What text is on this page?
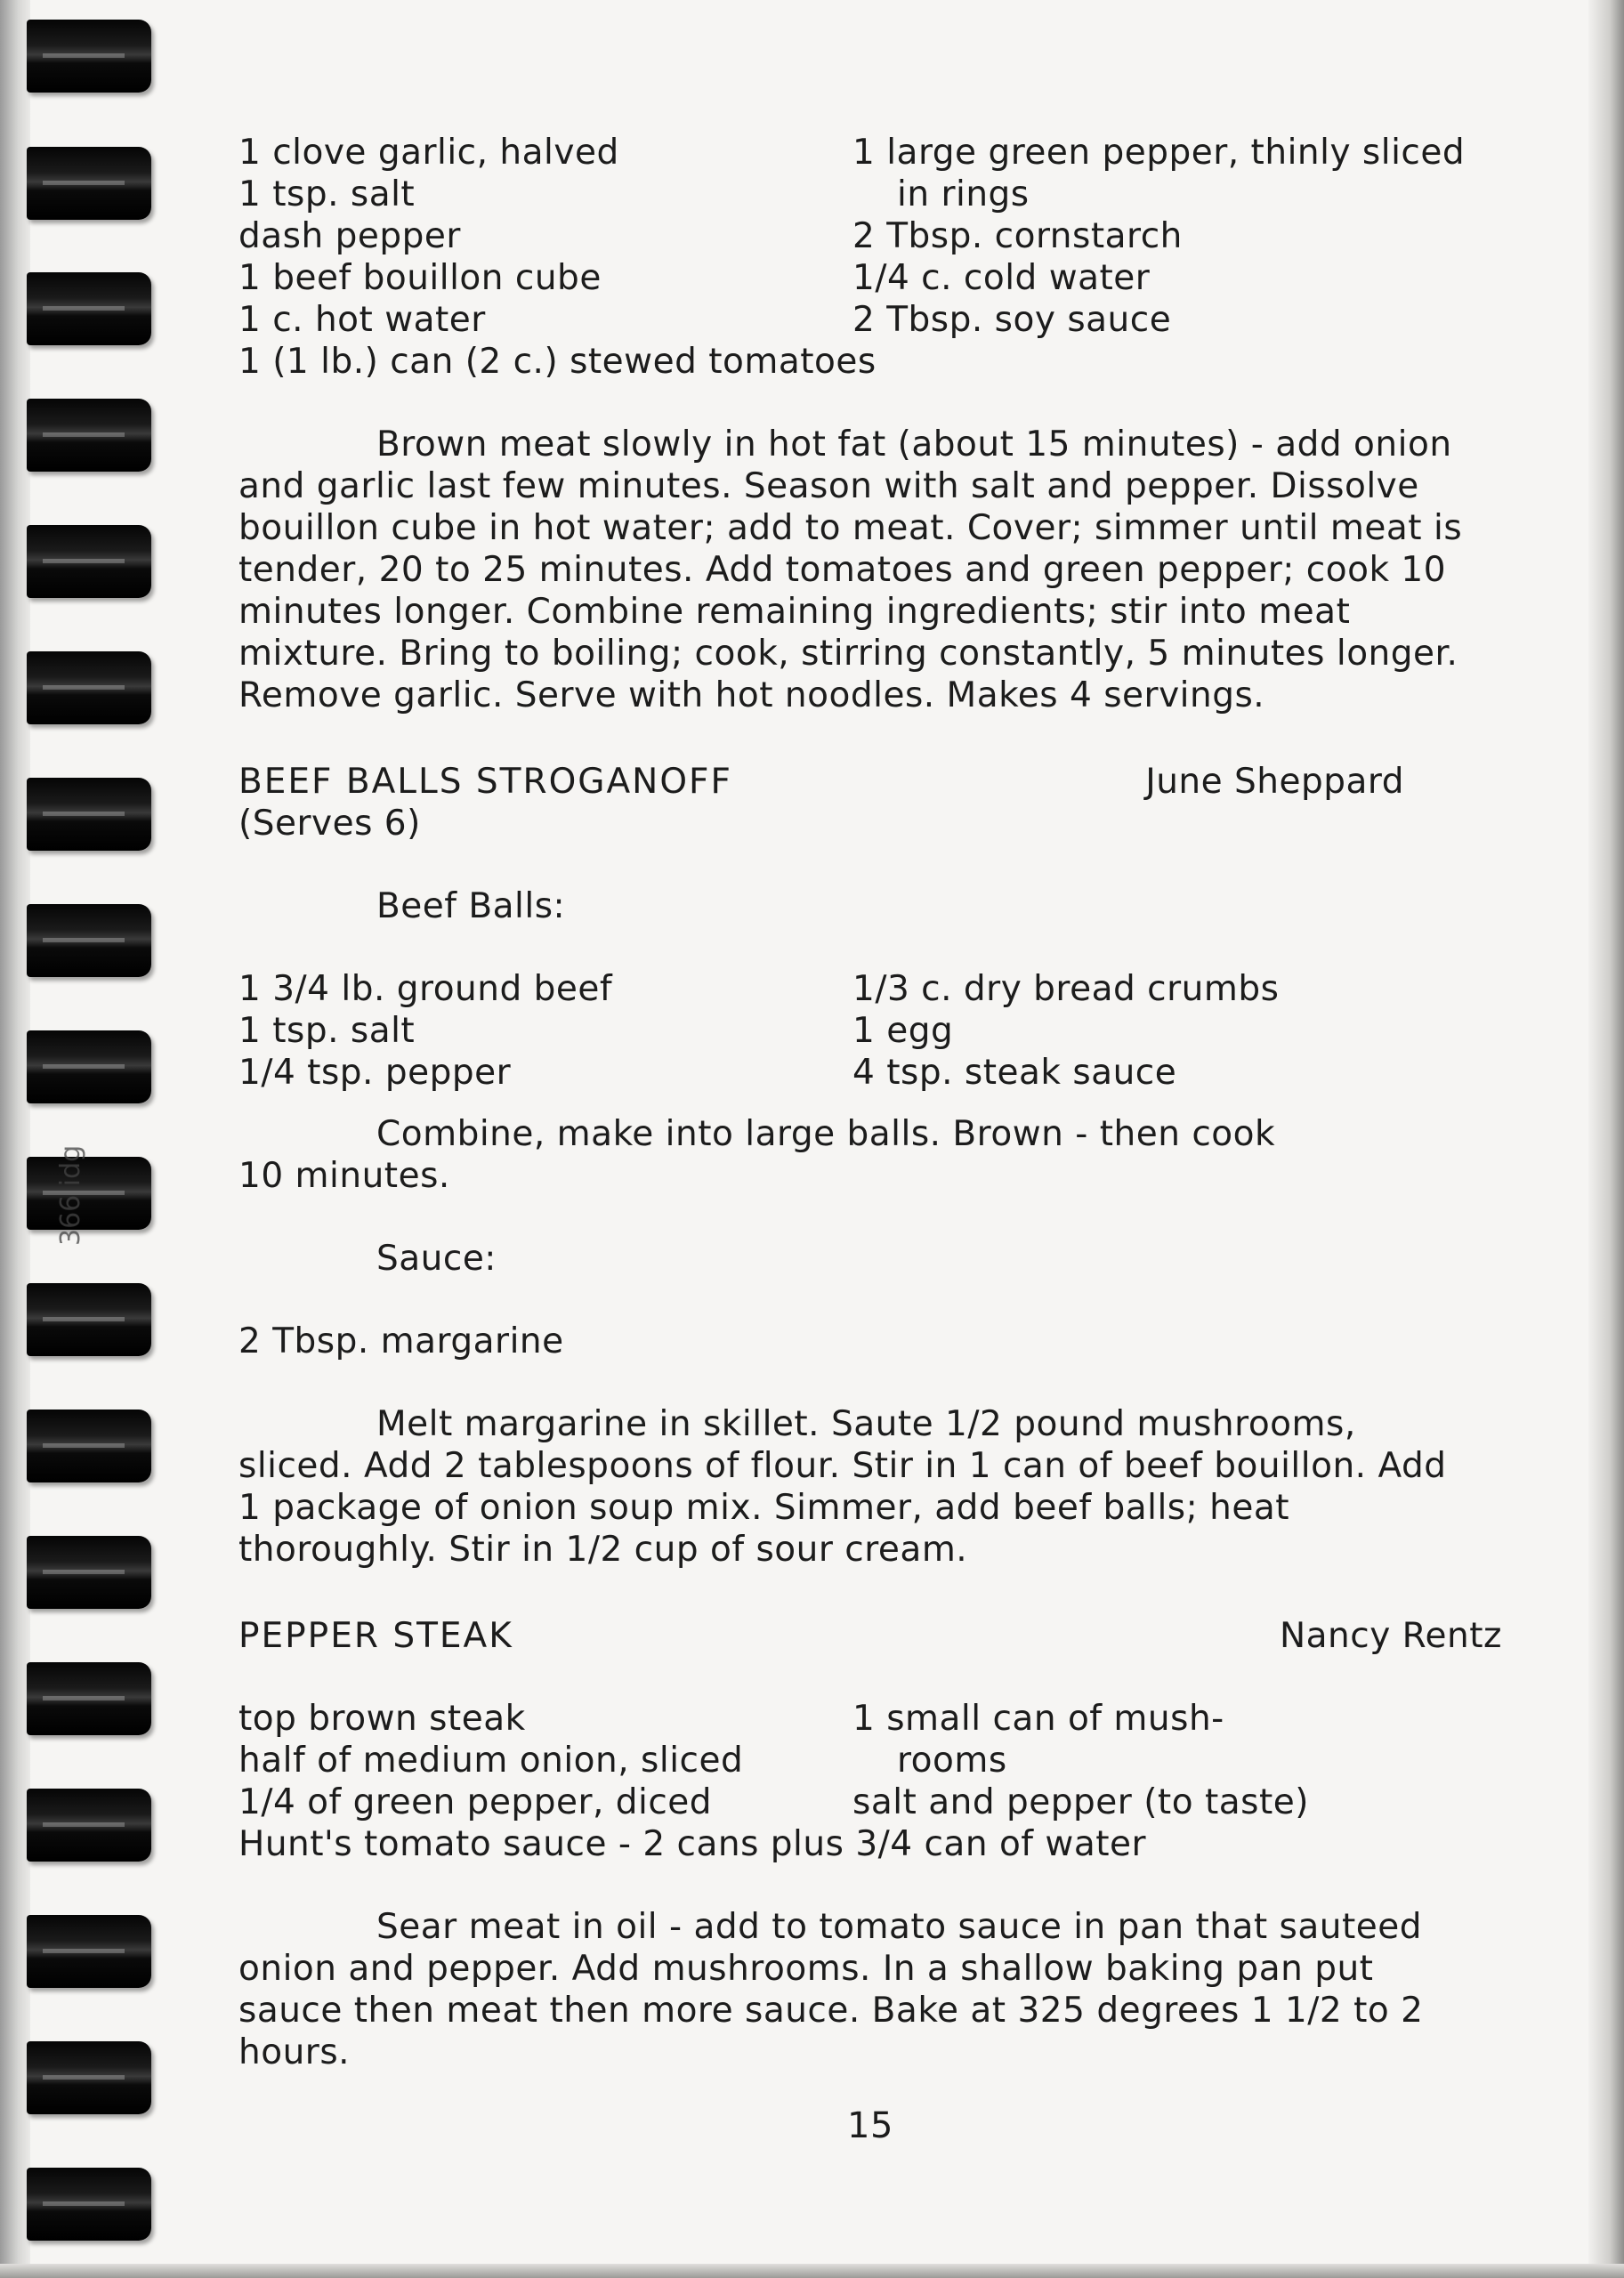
366 idg
1 clove garlic, halved
1 tsp. salt
dash pepper
1 beef bouillon cube
1 c. hot water
1 large green pepper, thinly sliced
in rings
2 Tbsp. cornstarch
1/4 c. cold water
2 Tbsp. soy sauce
1 (1 lb.) can (2 c.) stewed tomatoes

Brown meat slowly in hot fat (about 15 minutes) - add onion and garlic last few minutes. Season with salt and pepper. Dissolve bouillon cube in hot water; add to meat. Cover; simmer until meat is tender, 20 to 25 minutes. Add tomatoes and green pepper; cook 10 minutes longer. Combine remaining ingredients; stir into meat mixture. Bring to boiling; cook, stirring constantly, 5 minutes longer. Remove garlic. Serve with hot noodles. Makes 4 servings.

BEEF BALLS STROGANOFF	June Sheppard
(Serves 6)
Beef Balls:
1 3/4 lb. ground beef
1 tsp. salt
1/4 tsp. pepper
1/3 c. dry bread crumbs
1 egg
4 tsp. steak sauce

Combine, make into large balls. Brown - then cook 10 minutes.

Sauce:
2 Tbsp. margarine

Melt margarine in skillet. Saute 1/2 pound mushrooms, sliced. Add 2 tablespoons of flour. Stir in 1 can of beef bouillon. Add 1 package of onion soup mix. Simmer, add beef balls; heat thoroughly. Stir in 1/2 cup of sour cream.

PEPPER STEAK	Nancy Rentz
top brown steak
half of medium onion, sliced
1/4 of green pepper, diced
1 small can of mush-
rooms
salt and pepper (to taste)
Hunt's tomato sauce - 2 cans plus 3/4 can of water

Sear meat in oil - add to tomato sauce in pan that sauteed onion and pepper. Add mushrooms. In a shallow baking pan put sauce then meat then more sauce. Bake at 325 degrees 1 1/2 to 2 hours.

15
